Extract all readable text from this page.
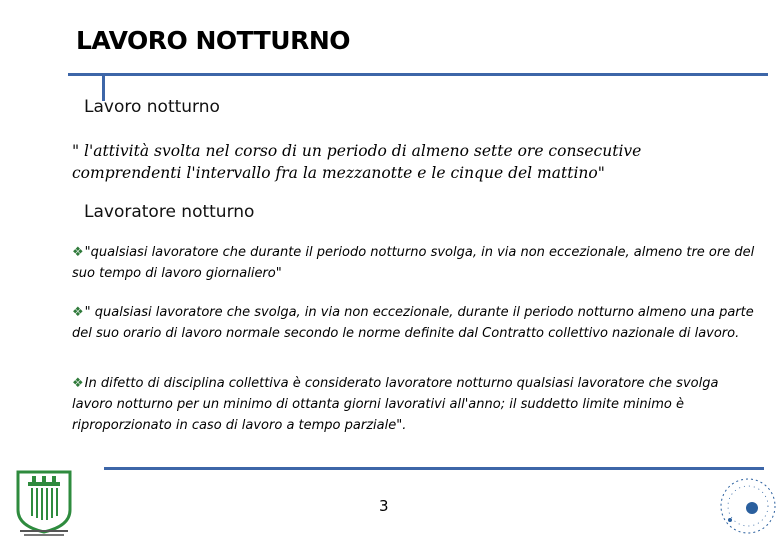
LAVORO NOTTURNO
Lavoro notturno
" l'attività svolta nel corso di un periodo di almeno sette ore consecutive comprendenti l'intervallo fra la mezzanotte e le cinque del mattino"
Lavoratore notturno
❖"qualsiasi lavoratore che durante il periodo notturno svolga, in via non eccezionale, almeno tre ore del suo tempo di lavoro giornaliero"
❖" qualsiasi lavoratore che svolga, in via non eccezionale, durante il periodo notturno almeno una parte del suo orario di lavoro normale secondo le norme definite dal Contratto collettivo nazionale di lavoro.
❖In difetto di disciplina collettiva è considerato lavoratore notturno qualsiasi lavoratore che svolga lavoro notturno per un minimo di ottanta giorni lavorativi all'anno; il suddetto limite minimo è riproporzionato in caso di lavoro a tempo parziale".
3
